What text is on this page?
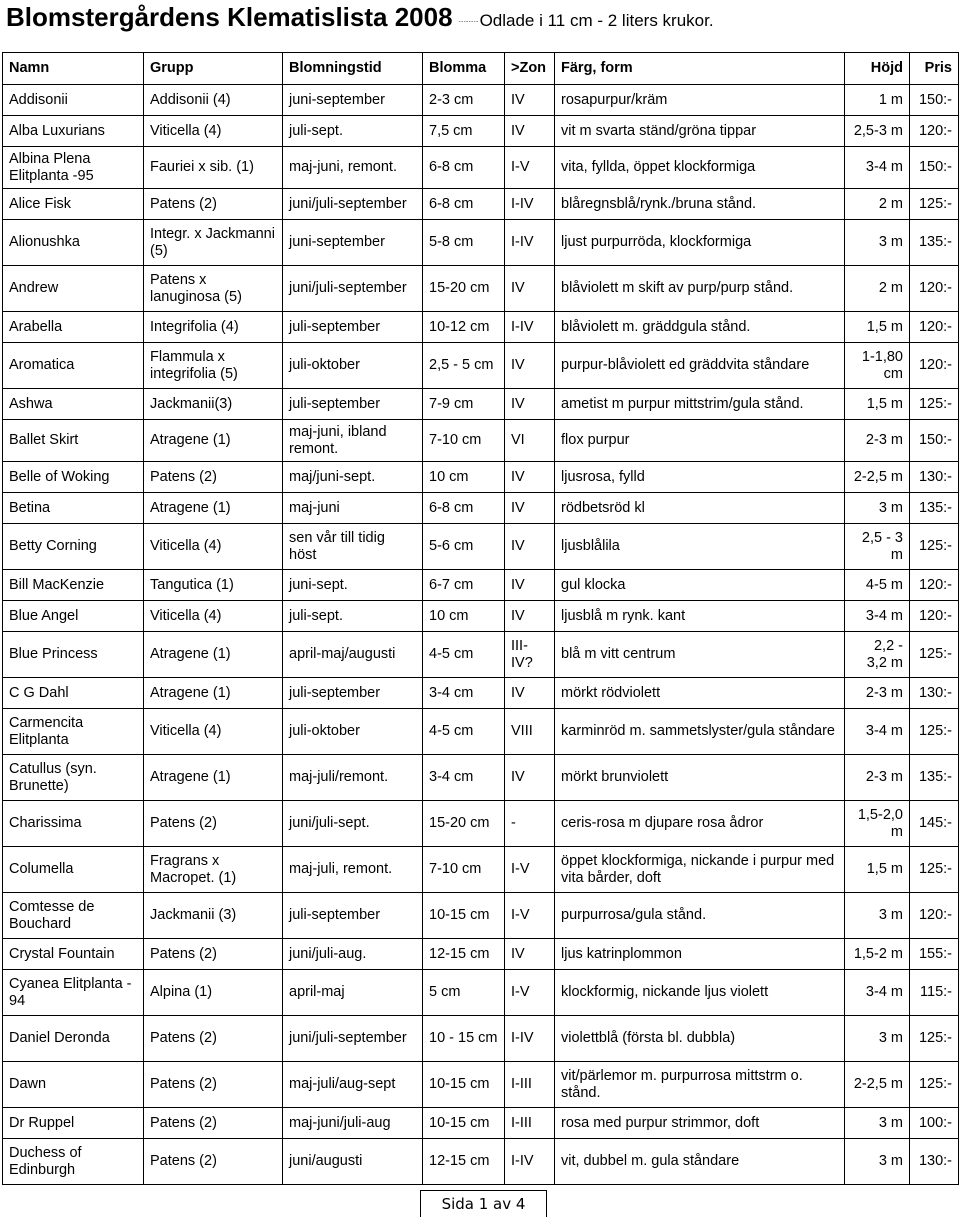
Blomstergårdens Klematislista 2008 ............Odlade i 11 cm - 2 liters krukor.
Namn	Grupp	Blomningstid	Blomma	>Zon	Färg, form	Höjd	Pris
Addisonii	Addisonii (4)	juni-september	2-3 cm	IV	rosapurpur/kräm	1 m	150:-
Alba Luxurians	Viticella (4)	juli-sept.	7,5 cm	IV	vit m svarta ständ/gröna tippar	2,5-3 m	120:-
Albina Plena Elitplanta -95	Fauriei x sib. (1)	maj-juni, remont.	6-8 cm	I-V	vita, fyllda, öppet klockformiga	3-4 m	150:-
Alice Fisk	Patens (2)	juni/juli-september	6-8 cm	I-IV	blåregnsblå/rynk./bruna stånd.	2 m	125:-
Alionushka	Integr. x Jackmanni (5)	juni-september	5-8 cm	I-IV	ljust purpurröda, klockformiga	3 m	135:-
Andrew	Patens x lanuginosa (5)	juni/juli-september	15-20 cm	IV	blåviolett m skift av purp/purp stånd.	2 m	120:-
Arabella	Integrifolia (4)	juli-september	10-12 cm	I-IV	blåviolett m. gräddgula stånd.	1,5 m	120:-
Aromatica	Flammula x integrifolia (5)	juli-oktober	2,5 - 5 cm	IV	purpur-blåviolett ed gräddvita ståndare	1-1,80 cm	120:-
Ashwa	Jackmanii(3)	juli-september	7-9 cm	IV	ametist m purpur mittstrim/gula stånd.	1,5 m	125:-
Ballet Skirt	Atragene (1)	maj-juni, ibland remont.	7-10 cm	VI	flox purpur	2-3 m	150:-
Belle of Woking	Patens (2)	maj/juni-sept.	10 cm	IV	ljusrosa, fylld	2-2,5 m	130:-
Betina	Atragene (1)	maj-juni	6-8 cm	IV	rödbetsröd kl	3 m	135:-
Betty Corning	Viticella (4)	sen vår till tidig höst	5-6 cm	IV	ljusblålila	2,5 - 3 m	125:-
Bill MacKenzie	Tangutica (1)	juni-sept.	6-7 cm	IV	gul klocka	4-5 m	120:-
Blue Angel	Viticella (4)	juli-sept.	10 cm	IV	ljusblå m rynk. kant	3-4 m	120:-
Blue Princess	Atragene (1)	april-maj/augusti	4-5 cm	III-IV?	blå m vitt centrum	2,2 - 3,2 m	125:-
C G Dahl	Atragene (1)	juli-september	3-4 cm	IV	mörkt rödviolett	2-3 m	130:-
Carmencita Elitplanta	Viticella (4)	juli-oktober	4-5 cm	VIII	karminröd m. sammetslyster/gula ståndare	3-4 m	125:-
Catullus (syn. Brunette)	Atragene (1)	maj-juli/remont.	3-4 cm	IV	mörkt brunviolett	2-3 m	135:-
Charissima	Patens (2)	juni/juli-sept.	15-20 cm	-	ceris-rosa m djupare rosa ådror	1,5-2,0 m	145:-
Columella	Fragrans x Macropet. (1)	maj-juli, remont.	7-10 cm	I-V	öppet klockformiga, nickande i purpur med vita bårder, doft	1,5 m	125:-
Comtesse de Bouchard	Jackmanii (3)	juli-september	10-15 cm	I-V	purpurrosa/gula stånd.	3 m	120:-
Crystal Fountain	Patens (2)	juni/juli-aug.	12-15 cm	IV	ljus katrinplommon	1,5-2 m	155:-
Cyanea Elitplanta - 94	Alpina (1)	april-maj	5 cm	I-V	klockformig, nickande ljus violett	3-4 m	115:-
Daniel Deronda	Patens (2)	juni/juli-september	10 - 15 cm	I-IV	violettblå (första bl. dubbla)	3 m	125:-
Dawn	Patens (2)	maj-juli/aug-sept	10-15 cm	I-III	vit/pärlemor m. purpurrosa mittstrm o. stånd.	2-2,5 m	125:-
Dr Ruppel	Patens (2)	maj-juni/juli-aug	10-15 cm	I-III	rosa med purpur strimmor, doft	3 m	100:-
Duchess of Edinburgh	Patens (2)	juni/augusti	12-15 cm	I-IV	vit, dubbel m. gula ståndare	3 m	130:-
Sida 1 av 4
